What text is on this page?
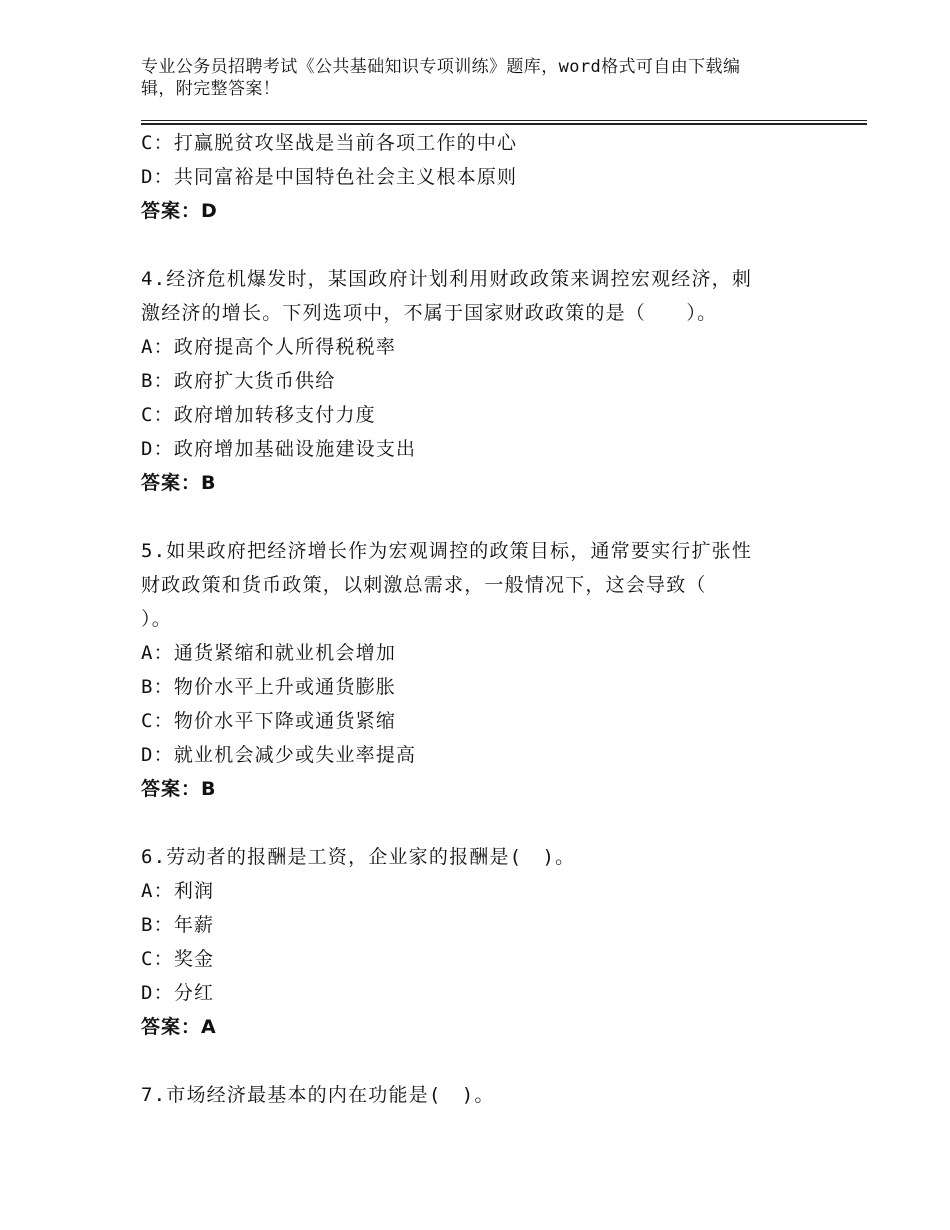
专业公务员招聘考试《公共基础知识专项训练》题库，word格式可自由下载编
辑，附完整答案！
C：打赢脱贫攻坚战是当前各项工作的中心
D：共同富裕是中国特色社会主义根本原则
答案：D
4.经济危机爆发时，某国政府计划利用财政政策来调控宏观经济，刺
激经济的增长。下列选项中，不属于国家财政政策的是（　　）。
A：政府提高个人所得税税率
B：政府扩大货币供给
C：政府增加转移支付力度
D：政府增加基础设施建设支出
答案：B
5.如果政府把经济增长作为宏观调控的政策目标，通常要实行扩张性
财政政策和货币政策，以刺激总需求，一般情况下，这会导致（
）。
A：通货紧缩和就业机会增加
B：物价水平上升或通货膨胀
C：物价水平下降或通货紧缩
D：就业机会减少或失业率提高
答案：B
6.劳动者的报酬是工资，企业家的报酬是(　)。
A：利润
B：年薪
C：奖金
D：分红
答案：A
7.市场经济最基本的内在功能是(　)。
